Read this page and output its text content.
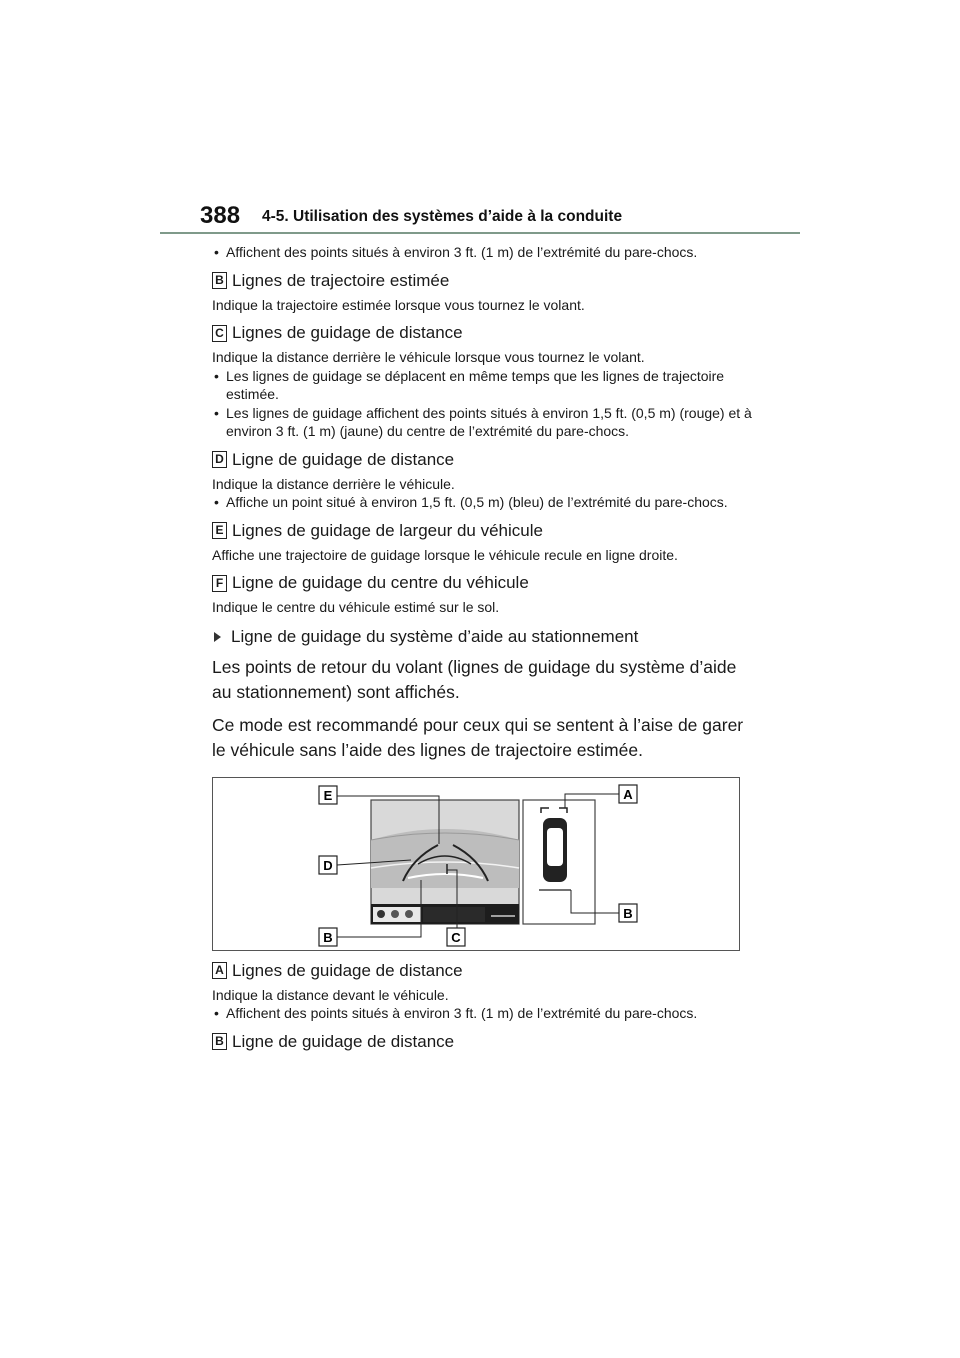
388 4-5. Utilisation des systèmes d’aide à la conduite

• Affichent des points situés à environ 3 ft. (1 m) de l’extrémité du pare-chocs.

B Lignes de trajectoire estimée

Indique la trajectoire estimée lorsque vous tournez le volant.

C Lignes de guidage de distance

Indique la distance derrière le véhicule lorsque vous tournez le volant.

• Les lignes de guidage se déplacent en même temps que les lignes de trajectoire estimée.

• Les lignes de guidage affichent des points situés à environ 1,5 ft. (0,5 m) (rouge) et à environ 3 ft. (1 m) (jaune) du centre de l’extrémité du pare-chocs.

D Ligne de guidage de distance

Indique la distance derrière le véhicule.

• Affiche un point situé à environ 1,5 ft. (0,5 m) (bleu) de l’extrémité du pare-chocs.

E Lignes de guidage de largeur du véhicule

Affiche une trajectoire de guidage lorsque le véhicule recule en ligne droite.

F Ligne de guidage du centre du véhicule

Indique le centre du véhicule estimé sur le sol.

Ligne de guidage du système d’aide au stationnement

Les points de retour du volant (lignes de guidage du système d’aide au stationnement) sont affichés.

Ce mode est recommandé pour ceux qui se sentent à l’aise de garer le véhicule sans l’aide des lignes de trajectoire estimée.

E
D
B	C
A
B
A Lignes de guidage de distance

Indique la distance devant le véhicule.

• Affichent des points situés à environ 3 ft. (1 m) de l’extrémité du pare-chocs.

B Ligne de guidage de distance
